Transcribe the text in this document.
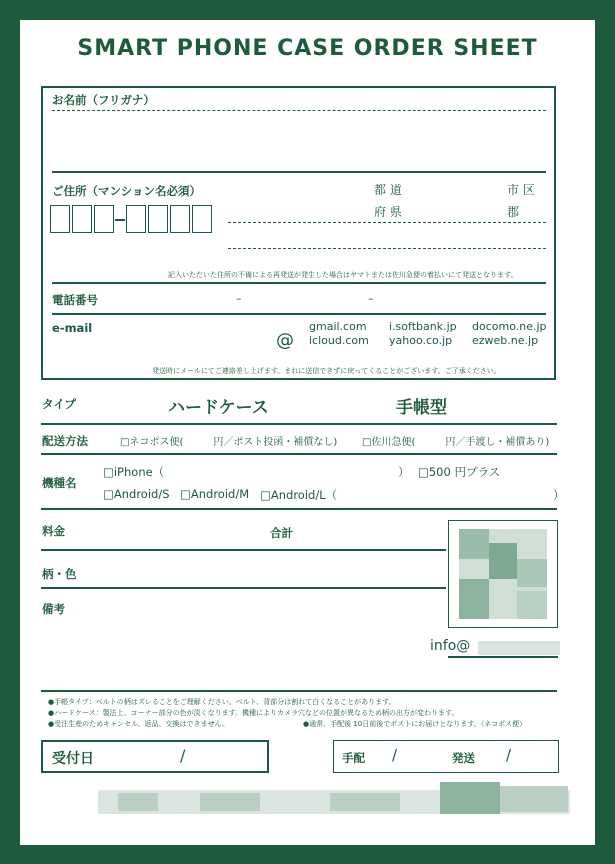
SMART PHONE CASE ORDER SHEET
お名前（フリガナ）
ご住所（マンション名必須）	都 道
府 県
市 区
郡
記入いただいた住所の不備による再発送が発生した場合はヤマトまたは佐川急便の着払いにて発送となります。
電話番号	–	–
e-mail
@
gmail.com i.softbank.jp docomo.ne.jp
icloud.com yahoo.co.jp ezweb.ne.jp
発送時にメールにてご連絡差し上げます。まれに送信できずに戻ってくることがございます。ご了承ください。
タイプ	ハードケース	手帳型
配送方法	□ネコポス便(　　　円／ポスト投函・補償なし) □佐川急便(　　　円／手渡し・補償あり)
機種名
□iPhone（	） □500 円プラス
□Android/S □Android/M □Android/L（	）
料金	合計
柄・色
備考
info@
●手帳タイプ：ベルトの柄はズレることをご理解ください。ベルト、背部分は割れて白くなることがあります。
●ハードケース：製法上、コーナー部分の色が淡くなります。機種によりカメラ穴などの位置が異なるため柄の出方が変わります。
●受注生産のためキャンセル、返品、交換はできません。	●通常、手配後 10日前後でポストにお届けとなります。（ネコポス便）
受付日	/	手配 /	発送 /
